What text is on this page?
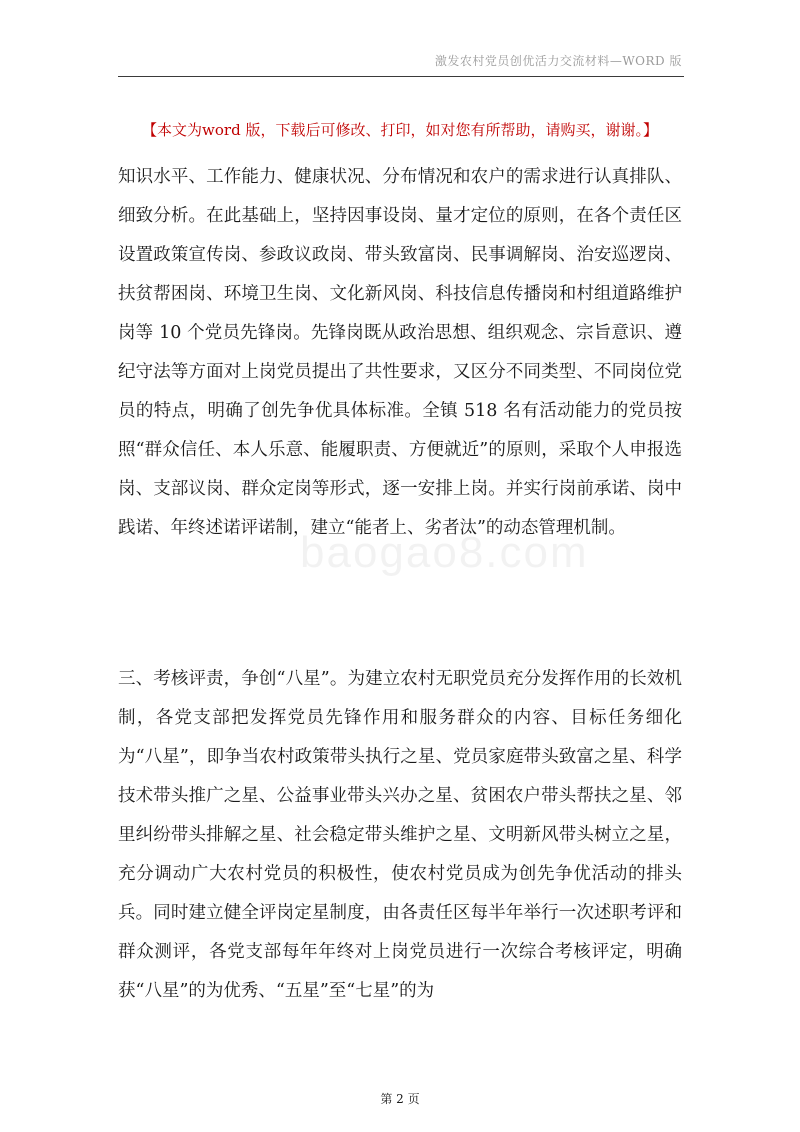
激发农村党员创优活力交流材料—WORD 版
【本文为word 版，下载后可修改、打印，如对您有所帮助，请购买，谢谢。】

知识水平、工作能力、健康状况、分布情况和农户的需求进行认真排队、细致分析。在此基础上，坚持因事设岗、量才定位的原则，在各个责任区设置政策宣传岗、参政议政岗、带头致富岗、民事调解岗、治安巡逻岗、扶贫帮困岗、环境卫生岗、文化新风岗、科技信息传播岗和村组道路维护岗等 10 个党员先锋岗。先锋岗既从政治思想、组织观念、宗旨意识、遵纪守法等方面对上岗党员提出了共性要求，又区分不同类型、不同岗位党员的特点，明确了创先争优具体标准。全镇 518 名有活动能力的党员按照“群众信任、本人乐意、能履职责、方便就近”的原则，采取个人申报选岗、支部议岗、群众定岗等形式，逐一安排上岗。并实行岗前承诺、岗中践诺、年终述诺评诺制，建立“能者上、劣者汰”的动态管理机制。

三、考核评责，争创“八星”。为建立农村无职党员充分发挥作用的长效机制，各党支部把发挥党员先锋作用和服务群众的内容、目标任务细化为“八星”，即争当农村政策带头执行之星、党员家庭带头致富之星、科学技术带头推广之星、公益事业带头兴办之星、贫困农户带头帮扶之星、邻里纠纷带头排解之星、社会稳定带头维护之星、文明新风带头树立之星，充分调动广大农村党员的积极性，使农村党员成为创先争优活动的排头兵。同时建立健全评岗定星制度，由各责任区每半年举行一次述职考评和群众测评，各党支部每年年终对上岗党员进行一次综合考核评定，明确获“八星”的为优秀、“五星”至“七星”的为

baogao8.com
第 2 页
